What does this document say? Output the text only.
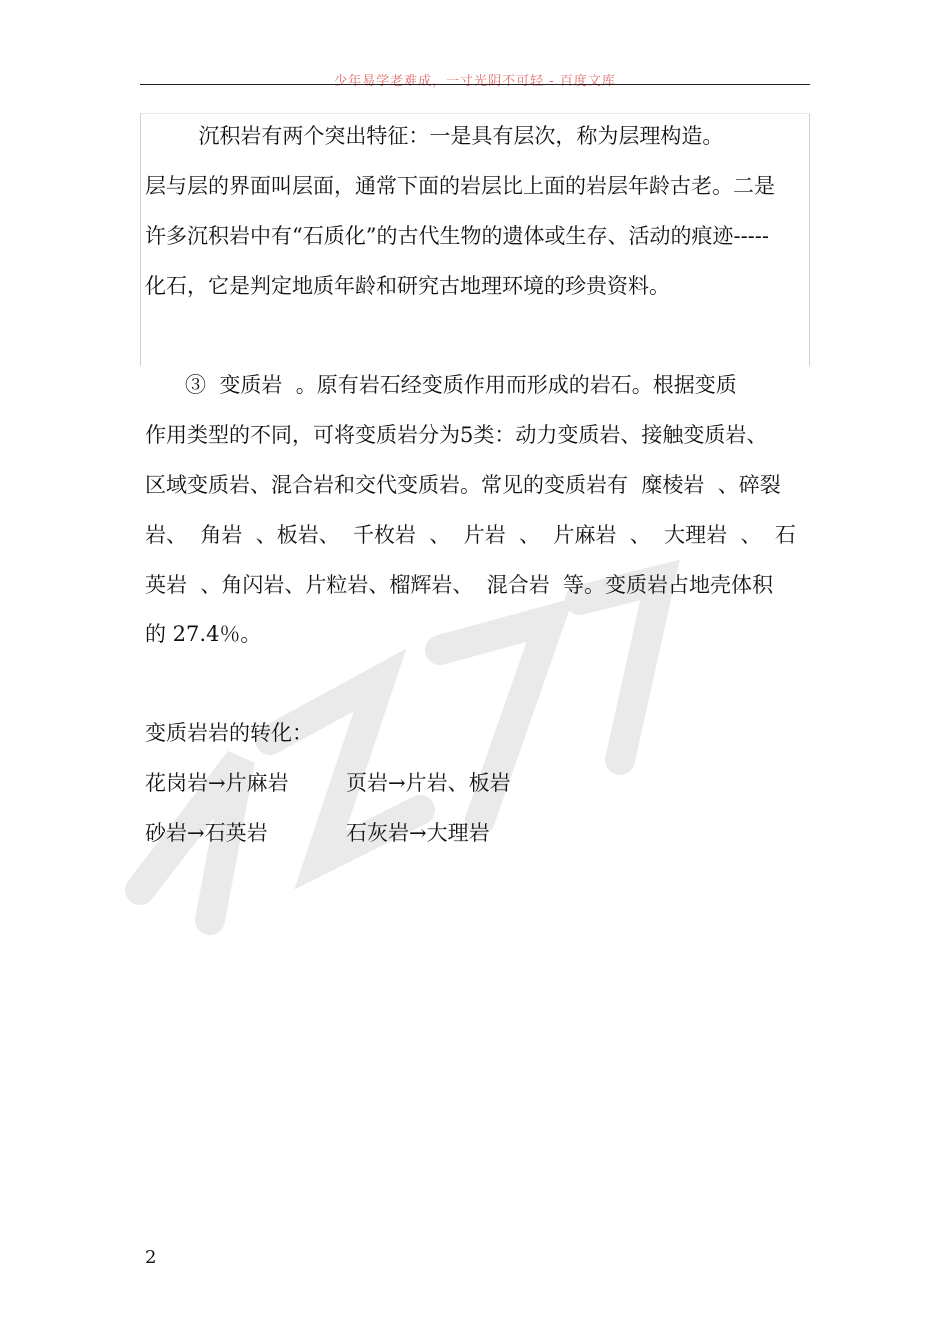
少年易学老难成，一寸光阴不可轻 - 百度文库
沉积岩有两个突出特征：一是具有层次，称为层理构造。
层与层的界面叫层面，通常下面的岩层比上面的岩层年龄古老。二是
许多沉积岩中有“石质化”的古代生物的遗体或生存、活动的痕迹-----
化石，它是判定地质年龄和研究古地理环境的珍贵资料。
③  变质岩  。原有岩石经变质作用而形成的岩石。根据变质
作用类型的不同，可将变质岩分为5类：动力变质岩、接触变质岩、
区域变质岩、混合岩和交代变质岩。常见的变质岩有  糜棱岩  、碎裂
岩、  角岩  、板岩、  千枚岩  、  片岩  、  片麻岩  、  大理岩  、  石
英岩  、角闪岩、片粒岩、榴辉岩、  混合岩  等。变质岩占地壳体积
的 27.4％。
变质岩岩的转化：
花岗岩→片麻岩	页岩→片岩、板岩
砂岩→石英岩	石灰岩→大理岩
2
